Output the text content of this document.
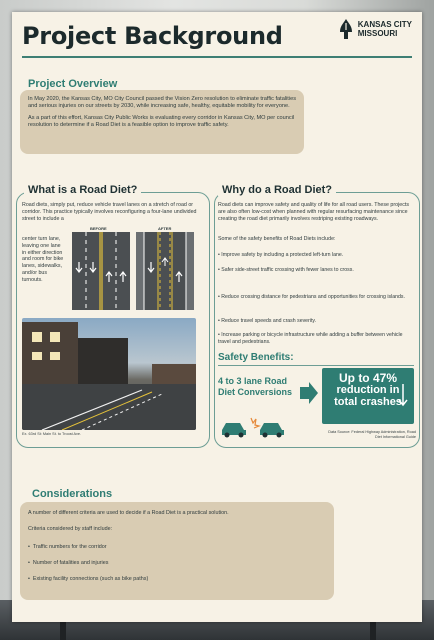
Project Background	KANSAS CITY
MISSOURI
Project Overview

In May 2020, the Kansas City, MO City Council passed the Vision Zero resolution to eliminate traffic fatalities and serious injuries on our streets by 2030, while increasing safe, healthy, equitable mobility for everyone.

As a part of this effort, Kansas City Public Works is evaluating every corridor in Kansas City, MO per council resolution to determine if a Road Diet is a feasible option to improve traffic safety.

What is a Road Diet?
Road diets, simply put, reduce vehicle travel lanes on a stretch of road or corridor. This practice typically involves reconfiguring a four-lane undivided street to include a
center turn lane, leaving one lane in either direction and room for bike lanes, sidewalks, and/or bus turnouts.
BEFORE	AFTER
Ex. 63rd St: Main St. to Troost Ave.
Why do a Road Diet?
Road diets can improve safety and quality of life for all road users. These projects are also often low-cost when planned with regular resurfacing maintenance since creating the road diet primarily involves restriping existing roadways.
Some of the safety benefits of Road Diets include:
• Improve safety by including a protected left-turn lane.
• Safer side-street traffic crossing with fewer lanes to cross.
• Reduce crossing distance for pedestrians and opportunities for crossing islands.
• Reduce travel speeds and crash severity.
• Increase parking or bicycle infrastructure while adding a buffer between vehicle travel and pedestrians.
Safety Benefits:
4 to 3 lane Road Diet Conversions
Up to 47%
reduction in
total crashes
Data Source: Federal Highway Administration, Road Diet Informational Guide
Considerations
A number of different criteria are used to decide if a Road Diet is a practical solution.
Criteria considered by staff include:
•  Traffic numbers for the corridor
•  Number of fatalities and injuries
•  Existing facility connections (such as bike paths)
